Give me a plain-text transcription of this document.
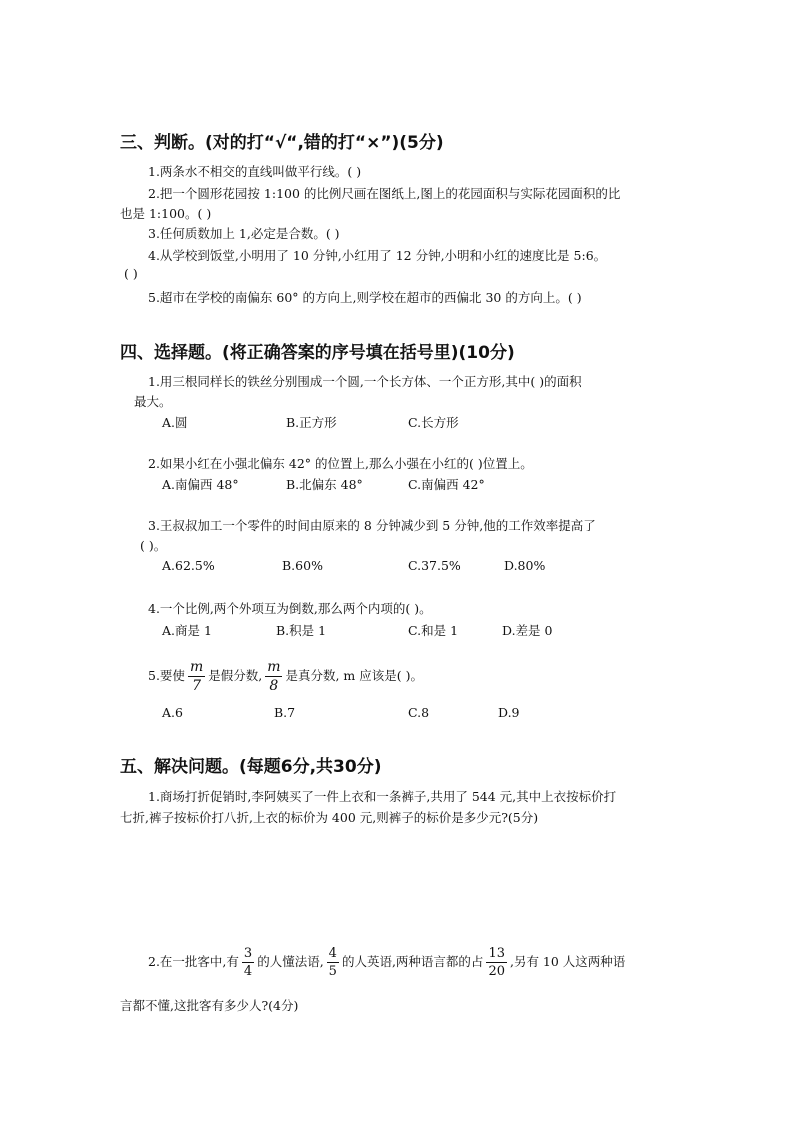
三、判断。(对的打“√“,错的打“×”)(5分)
1.两条水不相交的直线叫做平行线。( )
2.把一个圆形花园按 1:100 的比例尺画在图纸上,图上的花园面积与实际花园面积的比
也是 1:100。( )
3.任何质数加上 1,必定是合数。( )
4.从学校到饭堂,小明用了 10 分钟,小红用了 12 分钟,小明和小红的速度比是 5:6。
( )
5.超市在学校的南偏东 60° 的方向上,则学校在超市的西偏北 30 的方向上。( )
四、选择题。(将正确答案的序号填在括号里)(10分)
1.用三根同样长的铁丝分别围成一个圆,一个长方体、一个正方形,其中( )的面积
最大。
A.圆	B.正方形	C.长方形
2.如果小红在小强北偏东 42° 的位置上,那么小强在小红的( )位置上。
A.南偏西 48°	B.北偏东 48°	C.南偏西 42°
3.王叔叔加工一个零件的时间由原来的 8 分钟减少到 5 分钟,他的工作效率提高了
( )。
A.62.5%	B.60%	C.37.5%	D.80%
4.一个比例,两个外项互为倒数,那么两个内项的( )。
A.商是 1	B.积是 1	C.和是 1	D.差是 0
5.要使 $\frac{m}{7}$ 是假分数, $\frac{m}{8}$ 是真分数, m 应该是( )。
A.6	B.7	C.8	D.9
五、解决问题。(每题6分,共30分)
1.商场打折促销时,李阿姨买了一件上衣和一条裤子,共用了 544 元,其中上衣按标价打
七折,裤子按标价打八折,上衣的标价为 400 元,则裤子的标价是多少元?(5分)
2.在一批客中,有 $\frac{3}{4}$ 的人懂法语, $\frac{4}{5}$ 的人英语,两种语言都的占 $\frac{13}{20}$ ,另有 10 人这两种语
言都不懂,这批客有多少人?(4分)
